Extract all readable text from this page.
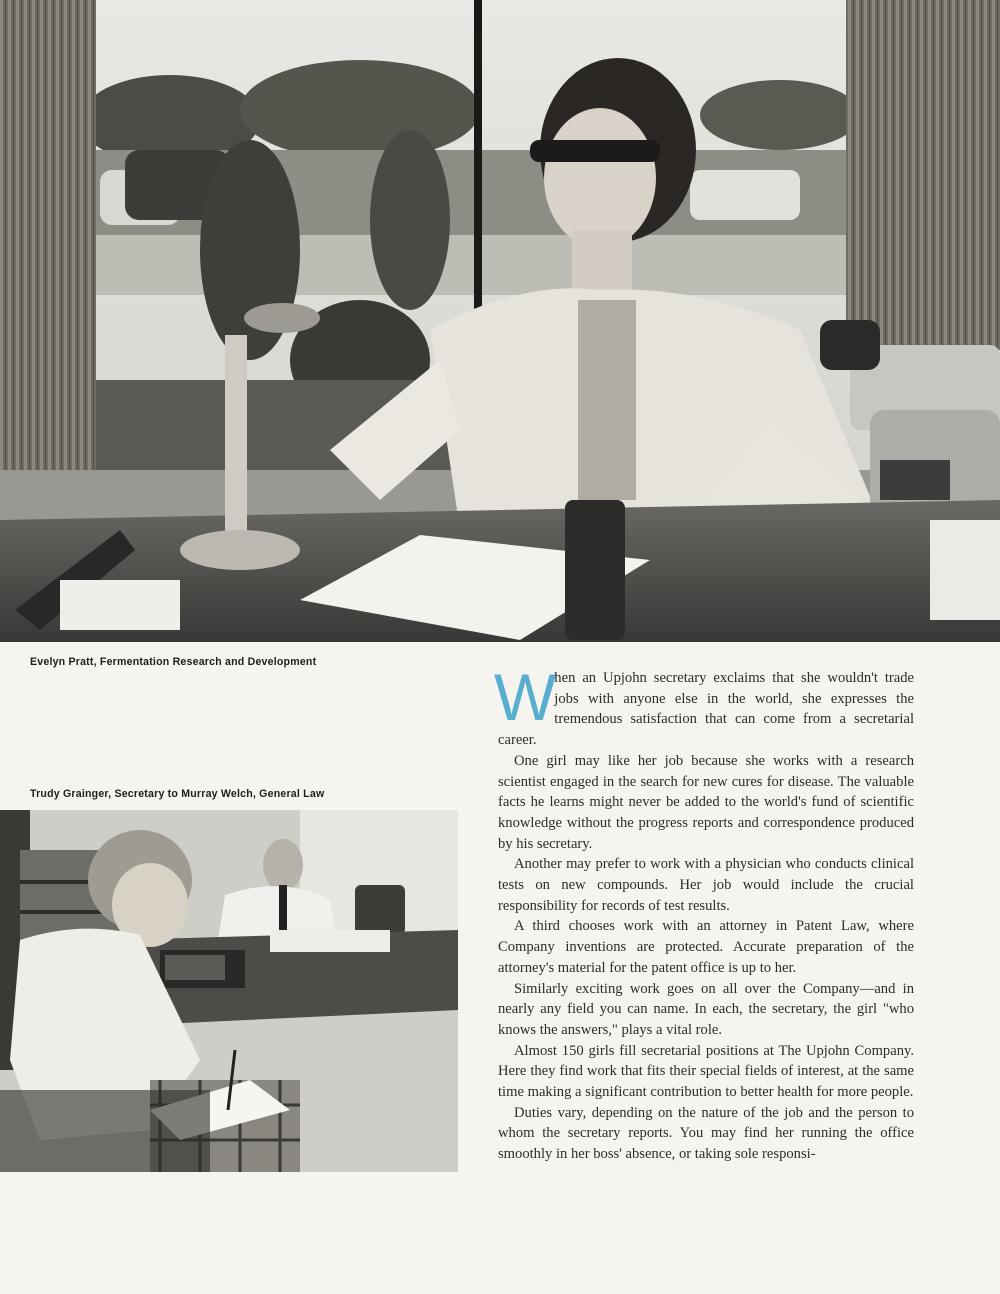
Evelyn Pratt, Fermentation Research and Development
Trudy Grainger, Secretary to Murray Welch, General Law

When an Upjohn secretary exclaims that she wouldn't trade jobs with anyone else in the world, she expresses the tremendous satisfaction that can come from a secretarial career.

One girl may like her job because she works with a research scientist engaged in the search for new cures for disease. The valuable facts he learns might never be added to the world's fund of scientific knowledge without the progress reports and correspondence produced by his secretary.

Another may prefer to work with a physician who conducts clinical tests on new compounds. Her job would include the crucial responsibility for records of test results.

A third chooses work with an attorney in Patent Law, where Company inventions are protected. Accurate preparation of the attorney's material for the patent office is up to her.

Similarly exciting work goes on all over the Company—and in nearly any field you can name. In each, the secretary, the girl "who knows the answers," plays a vital role.

Almost 150 girls fill secretarial positions at The Upjohn Company. Here they find work that fits their special fields of interest, at the same time making a significant contribution to better health for more people.

Duties vary, depending on the nature of the job and the person to whom the secretary reports. You may find her running the office smoothly in her boss' absence, or taking sole responsi-
